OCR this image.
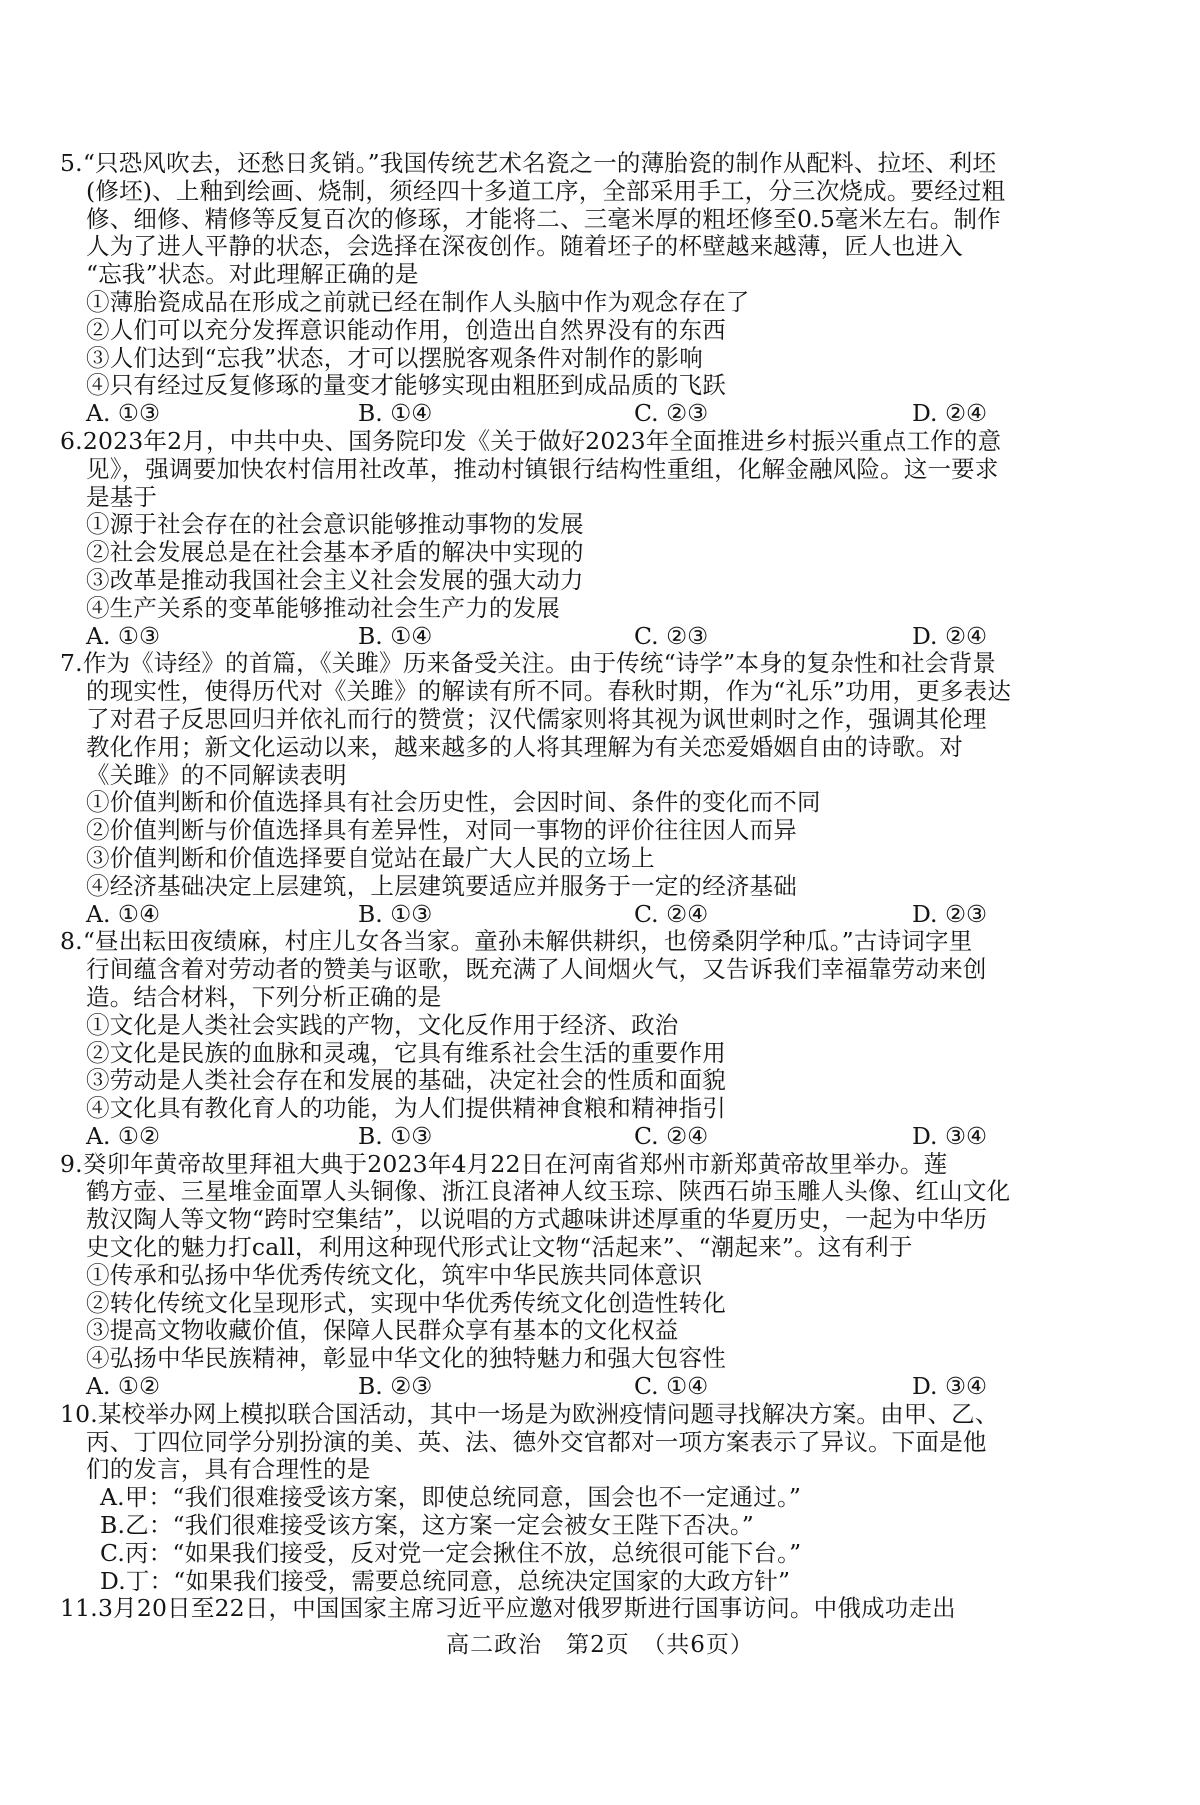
5.“只恐风吹去，还愁日炙销。”我国传统艺术名瓷之一的薄胎瓷的制作从配料、拉坯、利坯
(修坯)、上釉到绘画、烧制，须经四十多道工序，全部采用手工，分三次烧成。要经过粗
修、细修、精修等反复百次的修琢，才能将二、三毫米厚的粗坯修至0.5毫米左右。制作
人为了进人平静的状态，会选择在深夜创作。随着坯子的杯壁越来越薄，匠人也进入
“忘我”状态。对此理解正确的是
①薄胎瓷成品在形成之前就已经在制作人头脑中作为观念存在了
②人们可以充分发挥意识能动作用，创造出自然界没有的东西
③人们达到“忘我”状态，才可以摆脱客观条件对制作的影响
④只有经过反复修琢的量变才能够实现由粗胚到成品质的飞跃
A. ①③	B. ①④	C. ②③	D. ②④
6.2023年2月，中共中央、国务院印发《关于做好2023年全面推进乡村振兴重点工作的意
见》，强调要加快农村信用社改革，推动村镇银行结构性重组，化解金融风险。这一要求
是基于
①源于社会存在的社会意识能够推动事物的发展
②社会发展总是在社会基本矛盾的解决中实现的
③改革是推动我国社会主义社会发展的强大动力
④生产关系的变革能够推动社会生产力的发展
A. ①③	B. ①④	C. ②③	D. ②④
7.作为《诗经》的首篇，《关雎》历来备受关注。由于传统“诗学”本身的复杂性和社会背景
的现实性，使得历代对《关雎》的解读有所不同。春秋时期，作为“礼乐”功用，更多表达
了对君子反思回归并依礼而行的赞赏；汉代儒家则将其视为讽世刺时之作，强调其伦理
教化作用；新文化运动以来，越来越多的人将其理解为有关恋爱婚姻自由的诗歌。对
《关雎》的不同解读表明
①价值判断和价值选择具有社会历史性，会因时间、条件的变化而不同
②价值判断与价值选择具有差异性，对同一事物的评价往往因人而异
③价值判断和价值选择要自觉站在最广大人民的立场上
④经济基础决定上层建筑，上层建筑要适应并服务于一定的经济基础
A. ①④	B. ①③	C. ②④	D. ②③
8.“昼出耘田夜绩麻，村庄儿女各当家。童孙未解供耕织，也傍桑阴学种瓜。”古诗词字里
行间蕴含着对劳动者的赞美与讴歌，既充满了人间烟火气，又告诉我们幸福靠劳动来创
造。结合材料，下列分析正确的是
①文化是人类社会实践的产物，文化反作用于经济、政治
②文化是民族的血脉和灵魂，它具有维系社会生活的重要作用
③劳动是人类社会存在和发展的基础，决定社会的性质和面貌
④文化具有教化育人的功能，为人们提供精神食粮和精神指引
A. ①②	B. ①③	C. ②④	D. ③④
9.癸卯年黄帝故里拜祖大典于2023年4月22日在河南省郑州市新郑黄帝故里举办。莲
鹤方壶、三星堆金面罩人头铜像、浙江良渚神人纹玉琮、陕西石峁玉雕人头像、红山文化
敖汉陶人等文物“跨时空集结”，以说唱的方式趣味讲述厚重的华夏历史，一起为中华历
史文化的魅力打call，利用这种现代形式让文物“活起来”、“潮起来”。这有利于
①传承和弘扬中华优秀传统文化，筑牢中华民族共同体意识
②转化传统文化呈现形式，实现中华优秀传统文化创造性转化
③提高文物收藏价值，保障人民群众享有基本的文化权益
④弘扬中华民族精神，彰显中华文化的独特魅力和强大包容性
A. ①②	B. ②③	C. ①④	D. ③④
10.某校举办网上模拟联合国活动，其中一场是为欧洲疫情问题寻找解决方案。由甲、乙、
丙、丁四位同学分别扮演的美、英、法、德外交官都对一项方案表示了异议。下面是他
们的发言，具有合理性的是
A.甲：“我们很难接受该方案，即使总统同意，国会也不一定通过。”
B.乙：“我们很难接受该方案，这方案一定会被女王陛下否决。”
C.丙：“如果我们接受，反对党一定会揪住不放，总统很可能下台。”
D.丁：“如果我们接受，需要总统同意，总统决定国家的大政方针”
11.3月20日至22日，中国国家主席习近平应邀对俄罗斯进行国事访问。中俄成功走出
高二政治　第2页　（共6页）
